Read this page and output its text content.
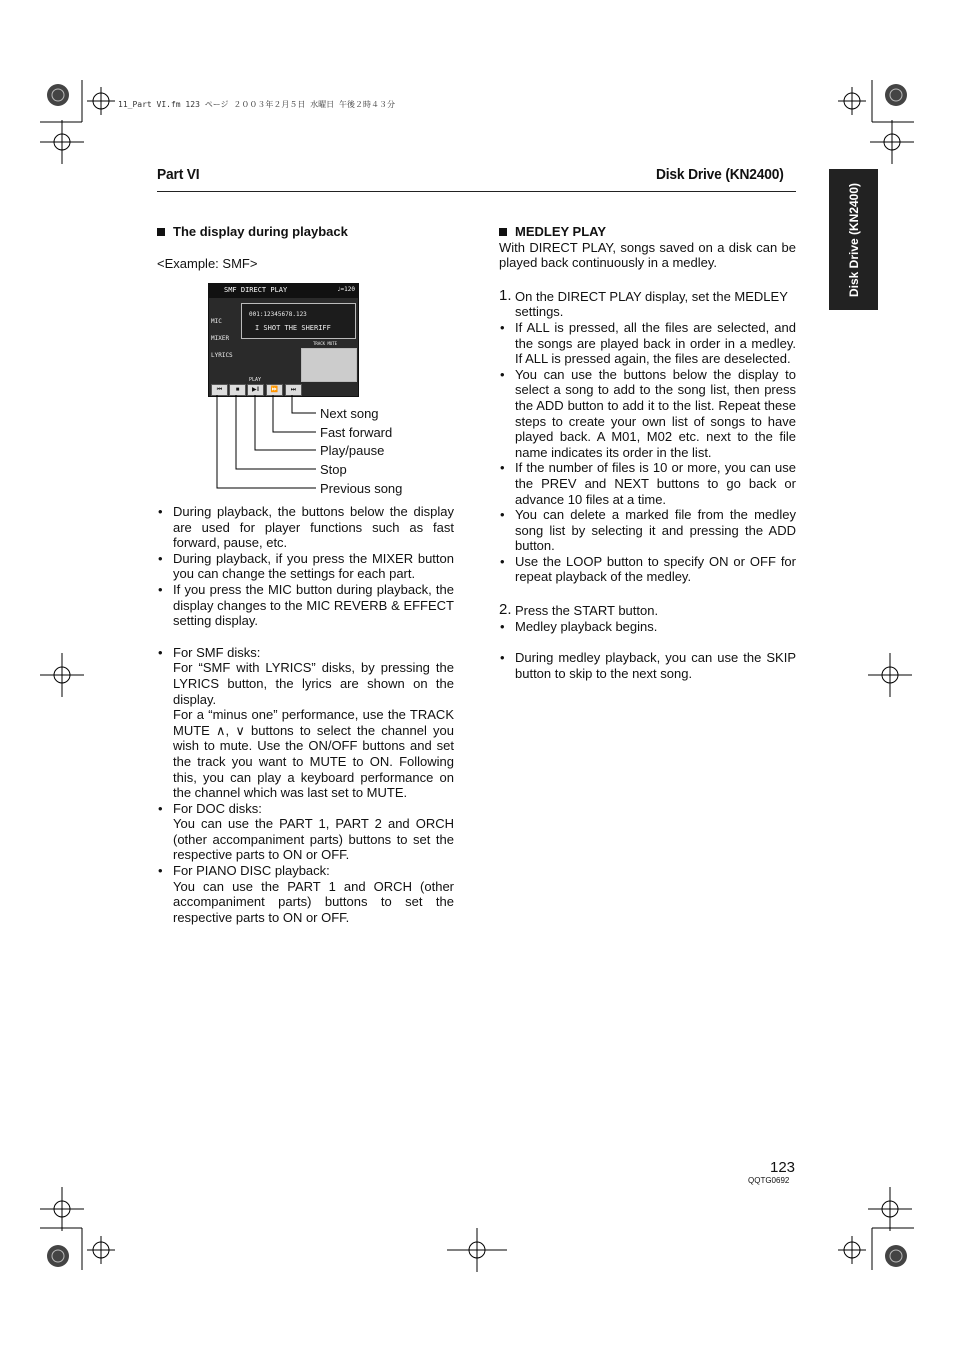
11_Part VI.fm 123 ページ ２００３年２月５日 水曜日 午後２時４３分
Part VI	Disk Drive (KN2400)
Disk Drive (KN2400)
The display during playback

<Example: SMF>

SMF DIRECT PLAY	♩=120
001:12345678.123
I SHOT THE SHERIFF
MIC
MIXER
LYRICS
TRACK MUTE
PLAY
⏮	■	▶‖	⏩	⏭
Next song
Fast forward
Play/pause
Stop
Previous song

• During playback, the buttons below the display are used for player functions such as fast forward, pause, etc.

• During playback, if you press the MIXER button you can change the settings for each part.

• If you press the MIC button during playback, the display changes to the MIC REVERB & EFFECT setting display.

• For SMF disks:

For “SMF with LYRICS” disks, by pressing the LYRICS button, the lyrics are shown on the display.

For a “minus one” performance, use the TRACK MUTE ∧, ∨ buttons to select the channel you wish to mute. Use the ON/OFF buttons and set the track you want to MUTE to ON. Following this, you can play a keyboard performance on the channel which was last set to MUTE.

• For DOC disks:

You can use the PART 1, PART 2 and ORCH (other accompaniment parts) buttons to set the respective parts to ON or OFF.

• For PIANO DISC playback:

You can use the PART 1 and ORCH (other accompaniment parts) buttons to set the respective parts to ON or OFF.

MEDLEY PLAY

With DIRECT PLAY, songs saved on a disk can be played back continuously in a medley.

1. On the DIRECT PLAY display, set the MEDLEY settings.

• If ALL is pressed, all the files are selected, and the songs are played back in order in a medley. If ALL is pressed again, the files are deselected.

• You can use the buttons below the display to select a song to add to the song list, then press the ADD button to add it to the list. Repeat these steps to create your own list of songs to have played back. A M01, M02 etc. next to the file name indicates its order in the list.

• If the number of files is 10 or more, you can use the PREV and NEXT buttons to go back or advance 10 files at a time.

• You can delete a marked file from the medley song list by selecting it and pressing the ADD button.

• Use the LOOP button to specify ON or OFF for repeat playback of the medley.

2. Press the START button.

• Medley playback begins.

• During medley playback, you can use the SKIP button to skip to the next song.

123
QQTG0692
